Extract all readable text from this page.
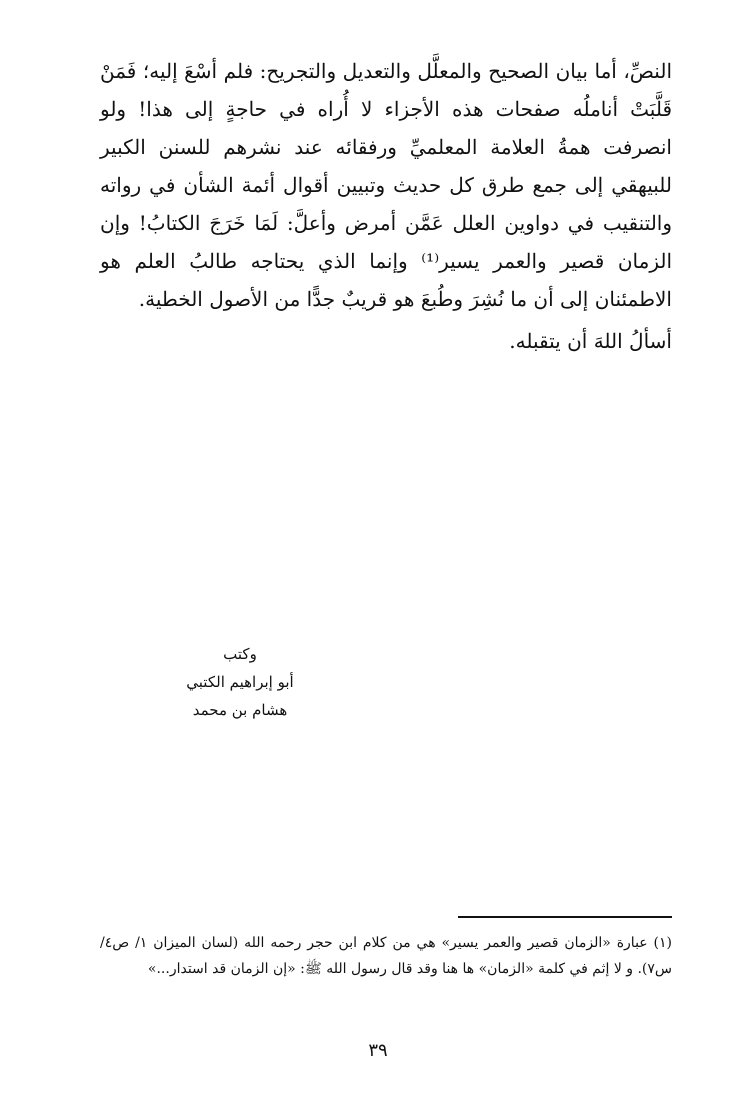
النصِّ، أما بيان الصحيح والمعلَّل والتعديل والتجريح: فلم أسْعَ إليه؛ فَمَنْ قَلَّبَتْ أناملُه صفحات هذه الأجزاء لا أُراه في حاجةٍ إلى هذا! ولو انصرفت همةُ العلامة المعلميِّ ورفقائه عند نشرهم للسنن الكبير للبيهقي إلى جمع طرق كل حديث وتبيين أقوال أئمة الشأن في رواته والتنقيب في دواوين العلل عَمَّن أمرض وأعلَّ: لَمَا خَرَجَ الكتابُ! وإن الزمان قصير والعمر يسير⁽¹⁾ وإنما الذي يحتاجه طالبُ العلم هو الاطمئنان إلى أن ما نُشِرَ وطُبعَ هو قريبٌ جدًّا من الأصول الخطية.

أسألُ اللهَ أن يتقبله.
وكتب
أبو إبراهيم الكتبي
هشام بن محمد

(١) عبارة «الزمان قصير والعمر يسير» هي من كلام ابن حجر رحمه الله (لسان الميزان ١/ ص٤/ س٧). و لا إثم في كلمة «الزمان» ها هنا وقد قال رسول الله ﷺ: «إن الزمان قد استدار...»

٣٩
